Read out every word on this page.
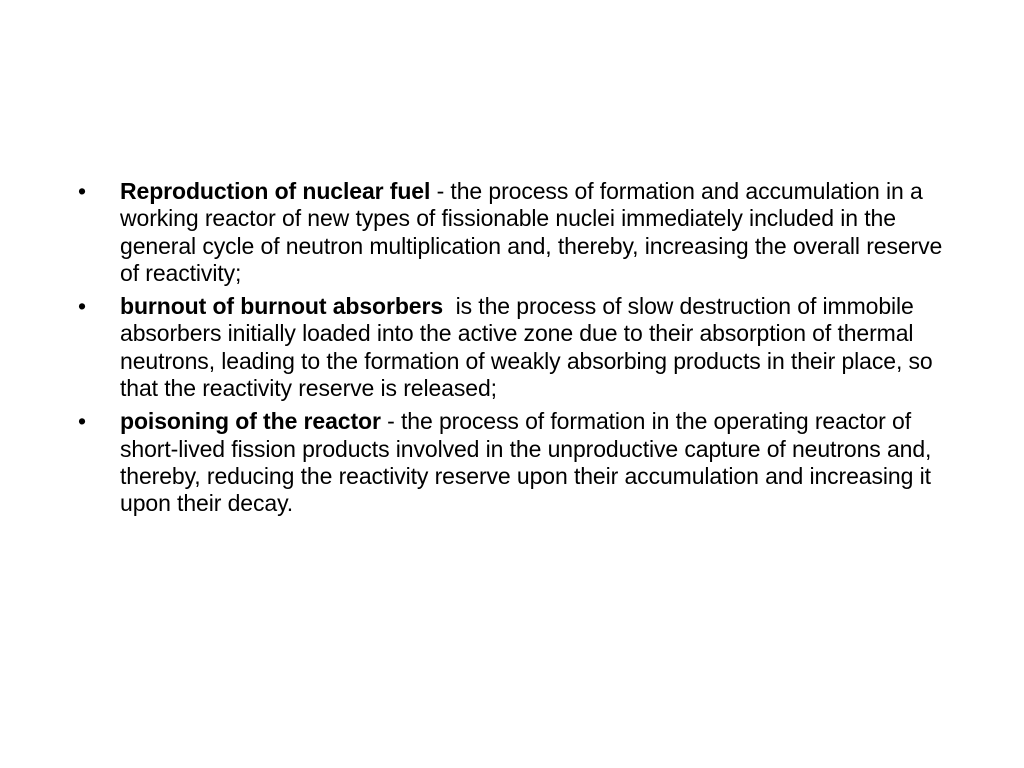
• Reproduction of nuclear fuel - the process of formation and accumulation in a working reactor of new types of fissionable nuclei immediately included in the general cycle of neutron multiplication and, thereby, increasing the overall reserve of reactivity;
• burnout of burnout absorbers  is the process of slow destruction of immobile absorbers initially loaded into the active zone due to their absorption of thermal neutrons, leading to the formation of weakly absorbing products in their place, so that the reactivity reserve is released;
• poisoning of the reactor - the process of formation in the operating reactor of short-lived fission products involved in the unproductive capture of neutrons and, thereby, reducing the reactivity reserve upon their accumulation and increasing it upon their decay.
